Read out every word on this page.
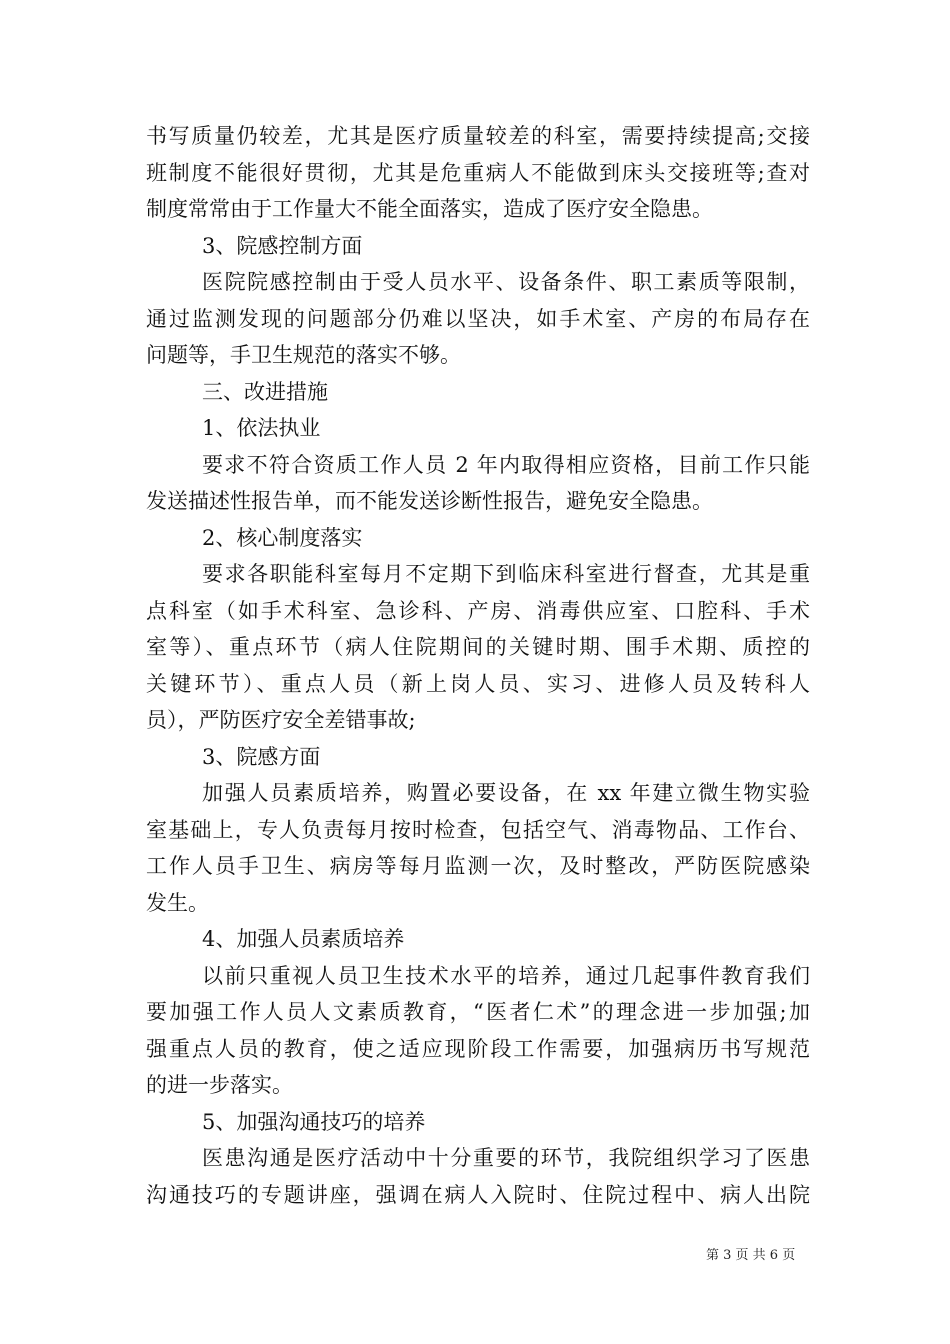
书写质量仍较差，尤其是医疗质量较差的科室，需要持续提高;交接
班制度不能很好贯彻，尤其是危重病人不能做到床头交接班等;查对
制度常常由于工作量大不能全面落实，造成了医疗安全隐患。
3、院感控制方面
医院院感控制由于受人员水平、设备条件、职工素质等限制，
通过监测发现的问题部分仍难以坚决，如手术室、产房的布局存在
问题等，手卫生规范的落实不够。
三、改进措施
1、依法执业
要求不符合资质工作人员 2 年内取得相应资格，目前工作只能
发送描述性报告单，而不能发送诊断性报告，避免安全隐患。
2、核心制度落实
要求各职能科室每月不定期下到临床科室进行督查，尤其是重
点科室（如手术科室、急诊科、产房、消毒供应室、口腔科、手术
室等）、重点环节（病人住院期间的关键时期、围手术期、质控的
关键环节）、重点人员（新上岗人员、实习、进修人员及转科人
员），严防医疗安全差错事故;
3、院感方面
加强人员素质培养，购置必要设备，在 xx 年建立微生物实验
室基础上，专人负责每月按时检查，包括空气、消毒物品、工作台、
工作人员手卫生、病房等每月监测一次，及时整改，严防医院感染
发生。
4、加强人员素质培养
以前只重视人员卫生技术水平的培养，通过几起事件教育我们
要加强工作人员人文素质教育，“医者仁术”的理念进一步加强;加
强重点人员的教育，使之适应现阶段工作需要，加强病历书写规范
的进一步落实。
5、加强沟通技巧的培养
医患沟通是医疗活动中十分重要的环节，我院组织学习了医患
沟通技巧的专题讲座，强调在病人入院时、住院过程中、病人出院
第 3 页 共 6 页
